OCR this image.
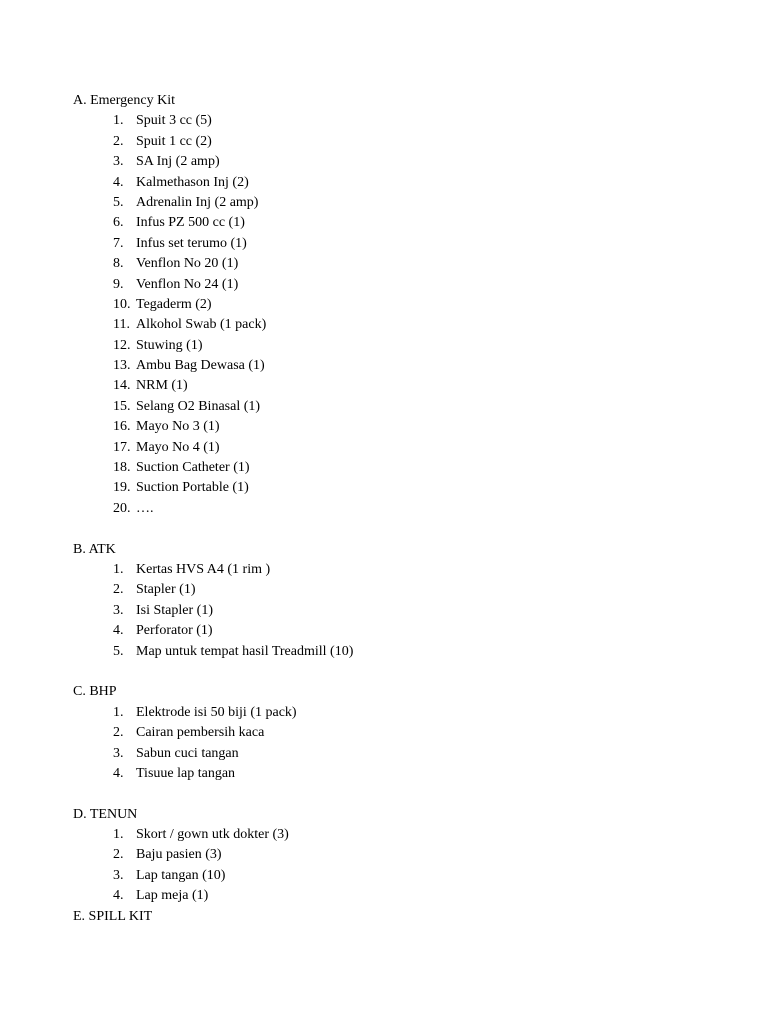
A. Emergency Kit
1. Spuit 3 cc (5)
2. Spuit 1 cc (2)
3. SA Inj (2 amp)
4. Kalmethason Inj (2)
5. Adrenalin Inj (2 amp)
6. Infus PZ 500 cc (1)
7. Infus set terumo (1)
8. Venflon No 20 (1)
9. Venflon No 24 (1)
10. Tegaderm (2)
11. Alkohol Swab (1 pack)
12. Stuwing (1)
13. Ambu Bag Dewasa (1)
14. NRM (1)
15. Selang O2 Binasal (1)
16. Mayo No 3 (1)
17. Mayo No 4 (1)
18. Suction Catheter (1)
19. Suction Portable (1)
20. ….
B. ATK
1. Kertas HVS A4 (1 rim )
2. Stapler (1)
3. Isi Stapler (1)
4. Perforator (1)
5. Map untuk tempat hasil Treadmill (10)
C. BHP
1. Elektrode isi 50 biji (1 pack)
2. Cairan pembersih kaca
3. Sabun cuci tangan
4. Tisuue lap tangan
D. TENUN
1. Skort / gown utk dokter (3)
2. Baju pasien (3)
3. Lap tangan (10)
4. Lap meja (1)
E. SPILL KIT
